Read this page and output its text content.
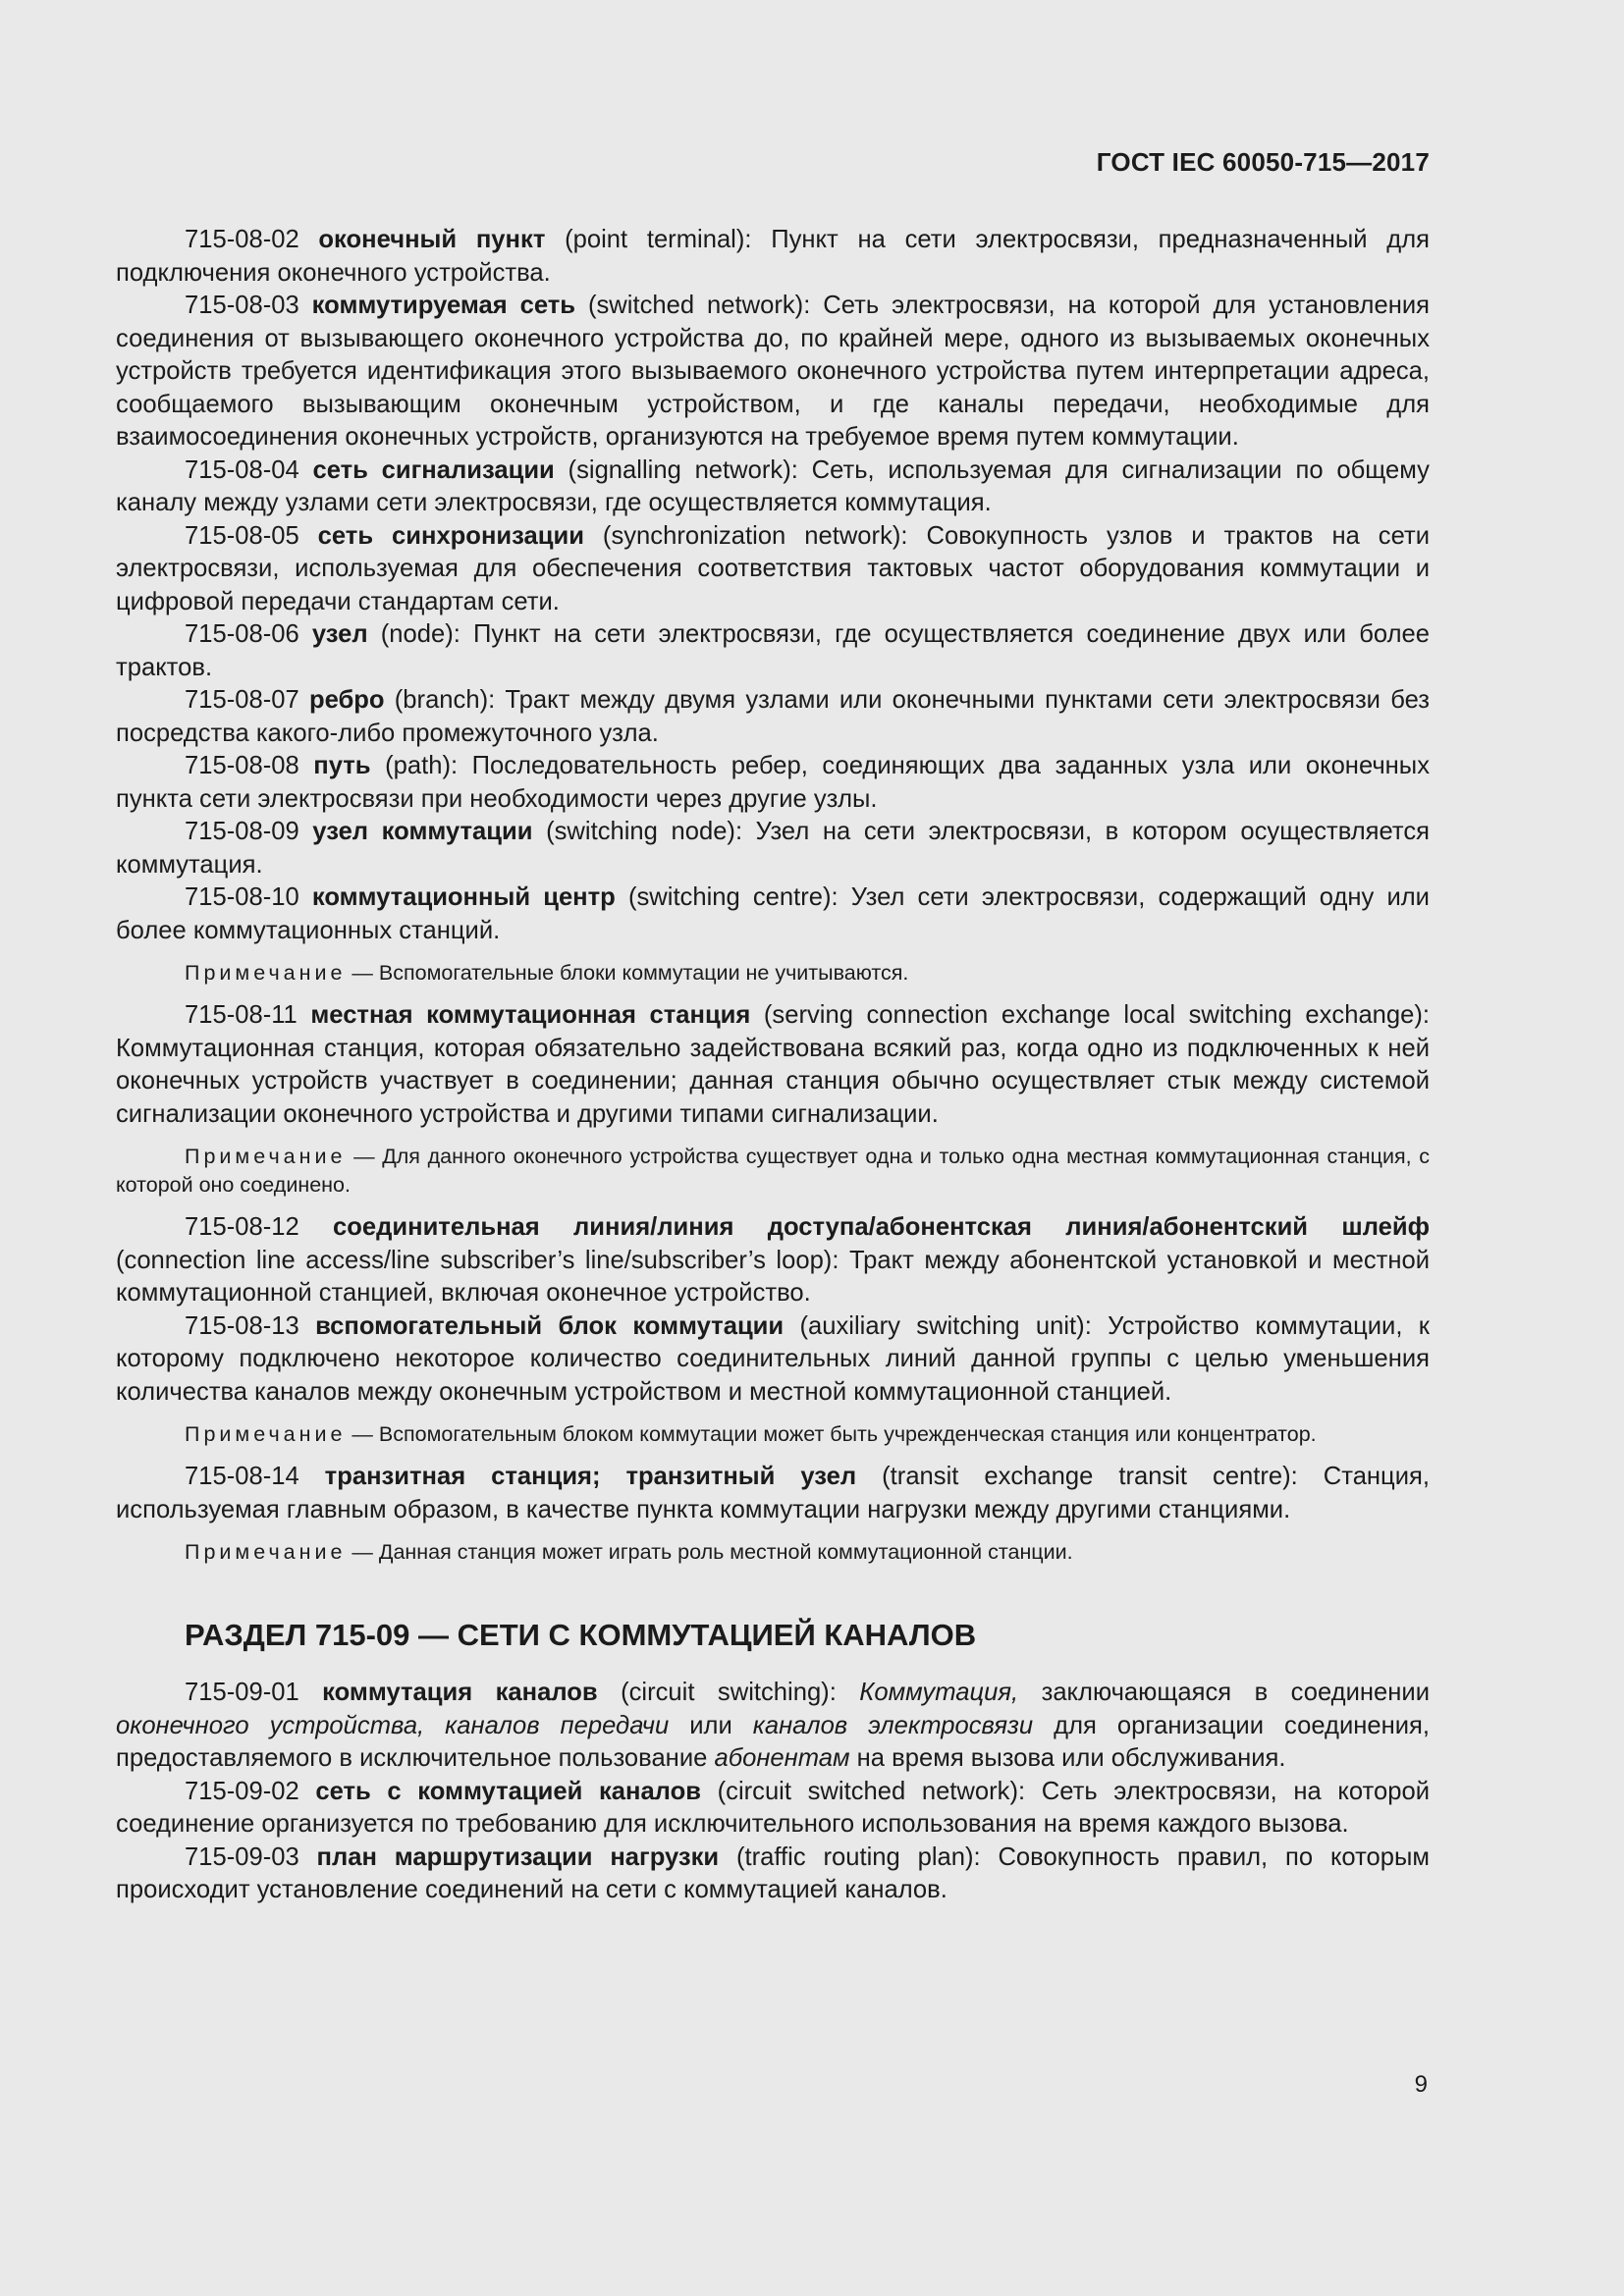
ГОСТ IEC 60050-715—2017

715-08-02 оконечный пункт (point terminal): Пункт на сети электросвязи, предназначенный для подключения оконечного устройства.

715-08-03 коммутируемая сеть (switched network): Сеть электросвязи, на которой для установления соединения от вызывающего оконечного устройства до, по крайней мере, одного из вызываемых оконечных устройств требуется идентификация этого вызываемого оконечного устройства путем интерпретации адреса, сообщаемого вызывающим оконечным устройством, и где каналы передачи, необходимые для взаимосоединения оконечных устройств, организуются на требуемое время путем коммутации.

715-08-04 сеть сигнализации (signalling network): Сеть, используемая для сигнализации по общему каналу между узлами сети электросвязи, где осуществляется коммутация.

715-08-05 сеть синхронизации (synchronization network): Совокупность узлов и трактов на сети электросвязи, используемая для обеспечения соответствия тактовых частот оборудования коммутации и цифровой передачи стандартам сети.

715-08-06 узел (node): Пункт на сети электросвязи, где осуществляется соединение двух или более трактов.

715-08-07 ребро (branch): Тракт между двумя узлами или оконечными пунктами сети электросвязи без посредства какого-либо промежуточного узла.

715-08-08 путь (path): Последовательность ребер, соединяющих два заданных узла или оконечных пункта сети электросвязи при необходимости через другие узлы.

715-08-09 узел коммутации (switching node): Узел на сети электросвязи, в котором осуществляется коммутация.

715-08-10 коммутационный центр (switching centre): Узел сети электросвязи, содержащий одну или более коммутационных станций.

Примечание — Вспомогательные блоки коммутации не учитываются.

715-08-11 местная коммутационная станция (serving connection exchange local switching exchange): Коммутационная станция, которая обязательно задействована всякий раз, когда одно из подключенных к ней оконечных устройств участвует в соединении; данная станция обычно осуществляет стык между системой сигнализации оконечного устройства и другими типами сигнализации.

Примечание — Для данного оконечного устройства существует одна и только одна местная коммутационная станция, с которой оно соединено.

715-08-12 соединительная линия/линия доступа/абонентская линия/абонентский шлейф (connection line access/line subscriber’s line/subscriber’s loop): Тракт между абонентской установкой и местной коммутационной станцией, включая оконечное устройство.

715-08-13 вспомогательный блок коммутации (auxiliary switching unit): Устройство коммутации, к которому подключено некоторое количество соединительных линий данной группы с целью уменьшения количества каналов между оконечным устройством и местной коммутационной станцией.

Примечание — Вспомогательным блоком коммутации может быть учрежденческая станция или концентратор.

715-08-14 транзитная станция; транзитный узел (transit exchange transit centre): Станция, используемая главным образом, в качестве пункта коммутации нагрузки между другими станциями.

Примечание — Данная станция может играть роль местной коммутационной станции.

РАЗДЕЛ 715-09 — СЕТИ С КОММУТАЦИЕЙ КАНАЛОВ

715-09-01 коммутация каналов (circuit switching): Коммутация, заключающаяся в соединении оконечного устройства, каналов передачи или каналов электросвязи для организации соединения, предоставляемого в исключительное пользование абонентам на время вызова или обслуживания.

715-09-02 сеть с коммутацией каналов (circuit switched network): Сеть электросвязи, на которой соединение организуется по требованию для исключительного использования на время каждого вызова.

715-09-03 план маршрутизации нагрузки (traffic routing plan): Совокупность правил, по которым происходит установление соединений на сети с коммутацией каналов.

9
